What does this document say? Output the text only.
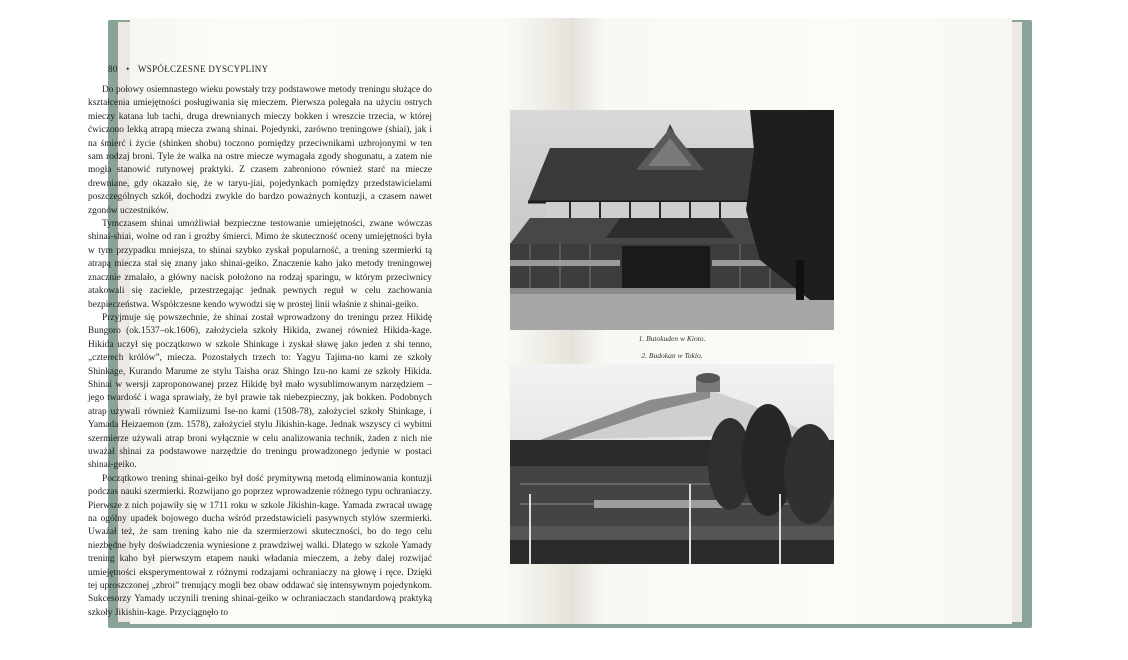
80 • WSPÓŁCZESNE DYSCYPLINY

Do połowy osiemnastego wieku powstały trzy podstawowe metody treningu służące do kształcenia umiejętności posługiwania się mieczem. Pierwsza polegała na użyciu ostrych mieczy katana lub tachi, druga drewnianych mieczy bokken i wreszcie trzecia, w której ćwiczono lekką atrapą miecza zwaną shinai. Pojedynki, zarówno treningowe (shiai), jak i na śmierć i życie (shinken shobu) toczono pomiędzy przeciwnikami uzbrojonymi w ten sam rodzaj broni. Tyle że walka na ostre miecze wymagała zgody shogunatu, a zatem nie mogła stanowić rutynowej praktyki. Z czasem zabroniono również starć na miecze drewniane, gdy okazało się, że w taryu-jiai, pojedynkach pomiędzy przedstawicielami poszczególnych szkół, dochodzi zwykle do bardzo poważnych kontuzji, a czasem nawet zgonów uczestników.

Tymczasem shinai umożliwiał bezpieczne testowanie umiejętności, zwane wówczas shinai-shiai, wolne od ran i groźby śmierci. Mimo że skuteczność oceny umiejętności była w tym przypadku mniejsza, to shinai szybko zyskał popularność, a trening szermierki tą atrapą miecza stał się znany jako shinai-geiko. Znaczenie kaho jako metody treningowej znacznie zmalało, a główny nacisk położono na rodzaj sparingu, w którym przeciwnicy atakowali się zaciekle, przestrzegając jednak pewnych reguł w celu zachowania bezpieczeństwa. Współczesne kendo wywodzi się w prostej linii właśnie z shinai-geiko.

Przyjmuje się powszechnie, że shinai został wprowadzony do treningu przez Hikidę Bungoro (ok.1537–ok.1606), założyciela szkoły Hikida, zwanej również Hikida-kage. Hikida uczył się początkowo w szkole Shinkage i zyskał sławę jako jeden z shi tenno, „czterech królów”, miecza. Pozostałych trzech to: Yagyu Tajima-no kami ze szkoły Shinkage, Kurando Marume ze stylu Taisha oraz Shingo Izu-no kami ze szkoły Hikida. Shinai w wersji zaproponowanej przez Hikidę był mało wysublimowanym narzędziem – jego twardość i waga sprawiały, że był prawie tak niebezpieczny, jak bokken. Podobnych atrap używali również Kamiizumi Ise-no kami (1508-78), założyciel szkoły Shinkage, i Yamada Heizaemon (zm. 1578), założyciel stylu Jikishin-kage. Jednak wszyscy ci wybitni szermierze używali atrap broni wyłącznie w celu analizowania technik, żaden z nich nie uważał shinai za podstawowe narzędzie do treningu prowadzonego jedynie w postaci shinai-geiko.

Początkowo trening shinai-geiko był dość prymitywną metodą eliminowania kontuzji podczas nauki szermierki. Rozwijano go poprzez wprowadzenie różnego typu ochraniaczy. Pierwsze z nich pojawiły się w 1711 roku w szkole Jikishin-kage. Yamada zwracał uwagę na ogólny upadek bojowego ducha wśród przedstawicieli pasywnych stylów szermierki. Uważał też, że sam trening kaho nie da szermierzowi skuteczności, bo do tego celu niezbędne były doświadczenia wyniesione z prawdziwej walki. Dlatego w szkole Yamady trening kaho był pierwszym etapem nauki władania mieczem, a żeby dalej rozwijać umiejętności eksperymentował z różnymi rodzajami ochraniaczy na głowę i ręce. Dzięki tej uproszczonej „zbroi” trenujący mogli bez obaw oddawać się intensywnym pojedynkom. Sukcesorzy Yamady uczynili trening shinai-geiko w ochraniaczach standardową praktyką szkoły Jikishin-kage. Przyciągnęło to

1. Butokuden w Kioto.
2. Budokan w Tokio.
